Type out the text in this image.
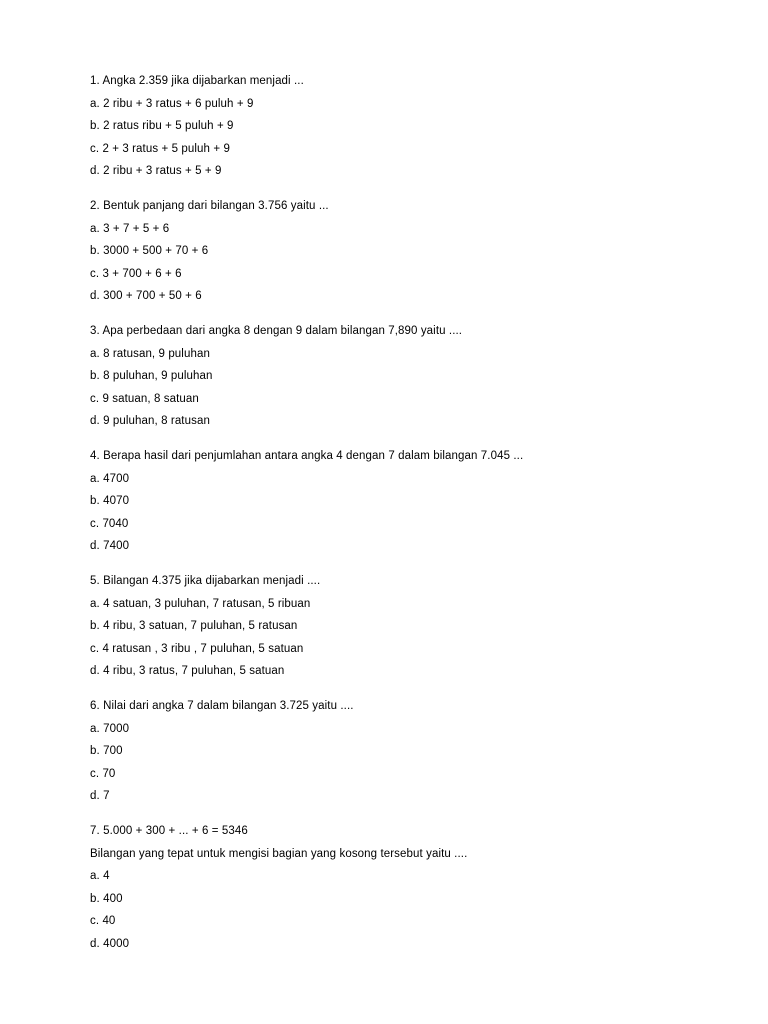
1. Angka 2.359 jika dijabarkan menjadi ...
a. 2 ribu + 3 ratus + 6 puluh + 9
b. 2 ratus ribu + 5 puluh + 9
c. 2 + 3 ratus + 5 puluh + 9
d. 2 ribu + 3 ratus + 5 + 9
2. Bentuk panjang dari bilangan 3.756 yaitu ...
a. 3 + 7 + 5 + 6
b. 3000 + 500 + 70 + 6
c. 3 + 700 + 6 + 6
d. 300 + 700 + 50 + 6
3. Apa perbedaan dari angka 8 dengan 9 dalam bilangan 7,890 yaitu ....
a. 8 ratusan, 9 puluhan
b. 8 puluhan, 9 puluhan
c. 9 satuan, 8 satuan
d. 9 puluhan, 8 ratusan
4. Berapa hasil dari penjumlahan antara angka 4 dengan 7 dalam bilangan 7.045 ...
a. 4700
b. 4070
c. 7040
d. 7400
5. Bilangan 4.375 jika dijabarkan menjadi ....
a. 4 satuan, 3 puluhan, 7 ratusan, 5 ribuan
b. 4 ribu, 3 satuan, 7 puluhan, 5 ratusan
c. 4 ratusan , 3 ribu , 7 puluhan, 5 satuan
d. 4 ribu, 3 ratus, 7 puluhan, 5 satuan
6. Nilai dari angka 7 dalam bilangan 3.725 yaitu ....
a. 7000
b. 700
c. 70
d. 7
7. 5.000 + 300 + ... + 6 = 5346
Bilangan yang tepat untuk mengisi bagian yang kosong tersebut yaitu ....
a. 4
b. 400
c. 40
d. 4000
